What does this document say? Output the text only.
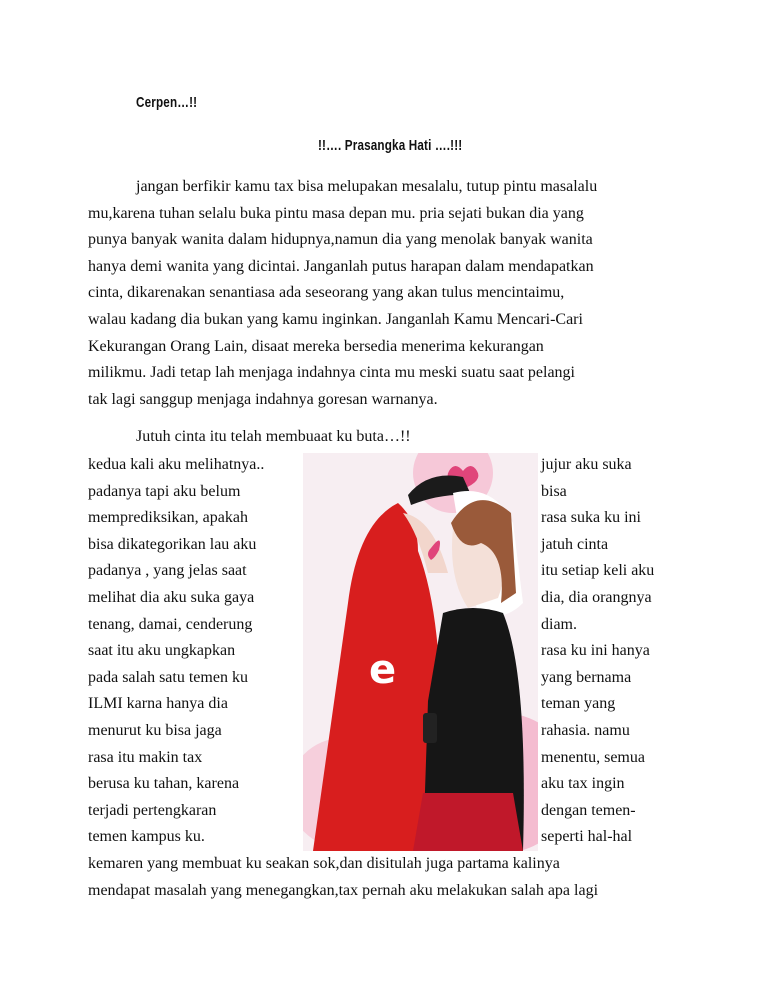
Cerpen…!!
!!…. Prasangka Hati ….!!!
Jutuh cinta itu telah membuaat ku buta…!!
jangan berfikir kamu tax bisa melupakan mesalalu, tutup pintu masalalu
mu,karena tuhan selalu buka pintu masa depan mu. pria sejati bukan dia yang
punya banyak wanita dalam hidupnya,namun dia yang menolak banyak wanita
hanya demi wanita yang dicintai. Janganlah putus harapan dalam mendapatkan
cinta, dikarenakan senantiasa ada seseorang yang akan tulus mencintaimu,
walau kadang dia bukan yang kamu inginkan. Janganlah Kamu Mencari-Cari
Kekurangan Orang Lain, disaat mereka bersedia menerima kekurangan
milikmu. Jadi tetap lah menjaga indahnya cinta mu meski suatu saat pelangi
tak lagi sanggup menjaga indahnya goresan warnanya.
kedua kali aku melihatnya..
padanya tapi aku belum
memprediksikan, apakah
bisa dikategorikan lau aku
padanya , yang jelas saat
melihat dia aku suka gaya
tenang, damai, cenderung
saat itu aku ungkapkan
pada salah satu temen ku
ILMI karna hanya dia
menurut ku bisa jaga
rasa itu makin tax
berusa ku tahan, karena
terjadi pertengkaran
temen kampus ku.
jujur aku suka
bisa
rasa suka ku ini
jatuh cinta
itu setiap keli aku
dia, dia orangnya
diam.
rasa ku ini hanya
yang bernama
teman yang
rahasia. namu
menentu, semua
aku tax ingin
dengan temen-
seperti hal-hal
kemaren yang membuat ku seakan sok,dan disitulah juga partama kalinya
mendapat masalah yang menegangkan,tax pernah aku melakukan salah apa lagi
e
